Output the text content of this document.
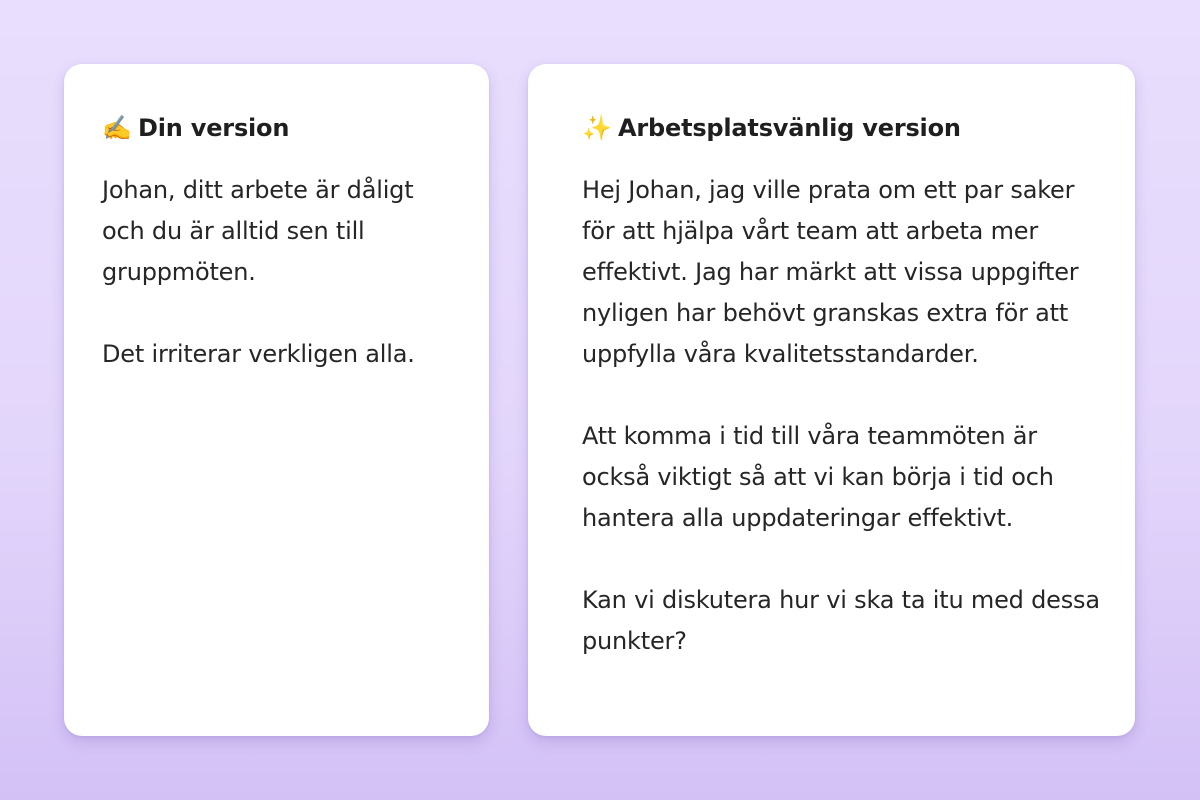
✍️ Din version

Johan, ditt arbete är dåligt och du är alltid sen till gruppmöten.

Det irriterar verkligen alla.

✨ Arbetsplatsvänlig version

Hej Johan, jag ville prata om ett par saker för att hjälpa vårt team att arbeta mer effektivt. Jag har märkt att vissa uppgifter nyligen har behövt granskas extra för att uppfylla våra kvalitetsstandarder.

Att komma i tid till våra teammöten är också viktigt så att vi kan börja i tid och hantera alla uppdateringar effektivt.

Kan vi diskutera hur vi ska ta itu med dessa punkter?
